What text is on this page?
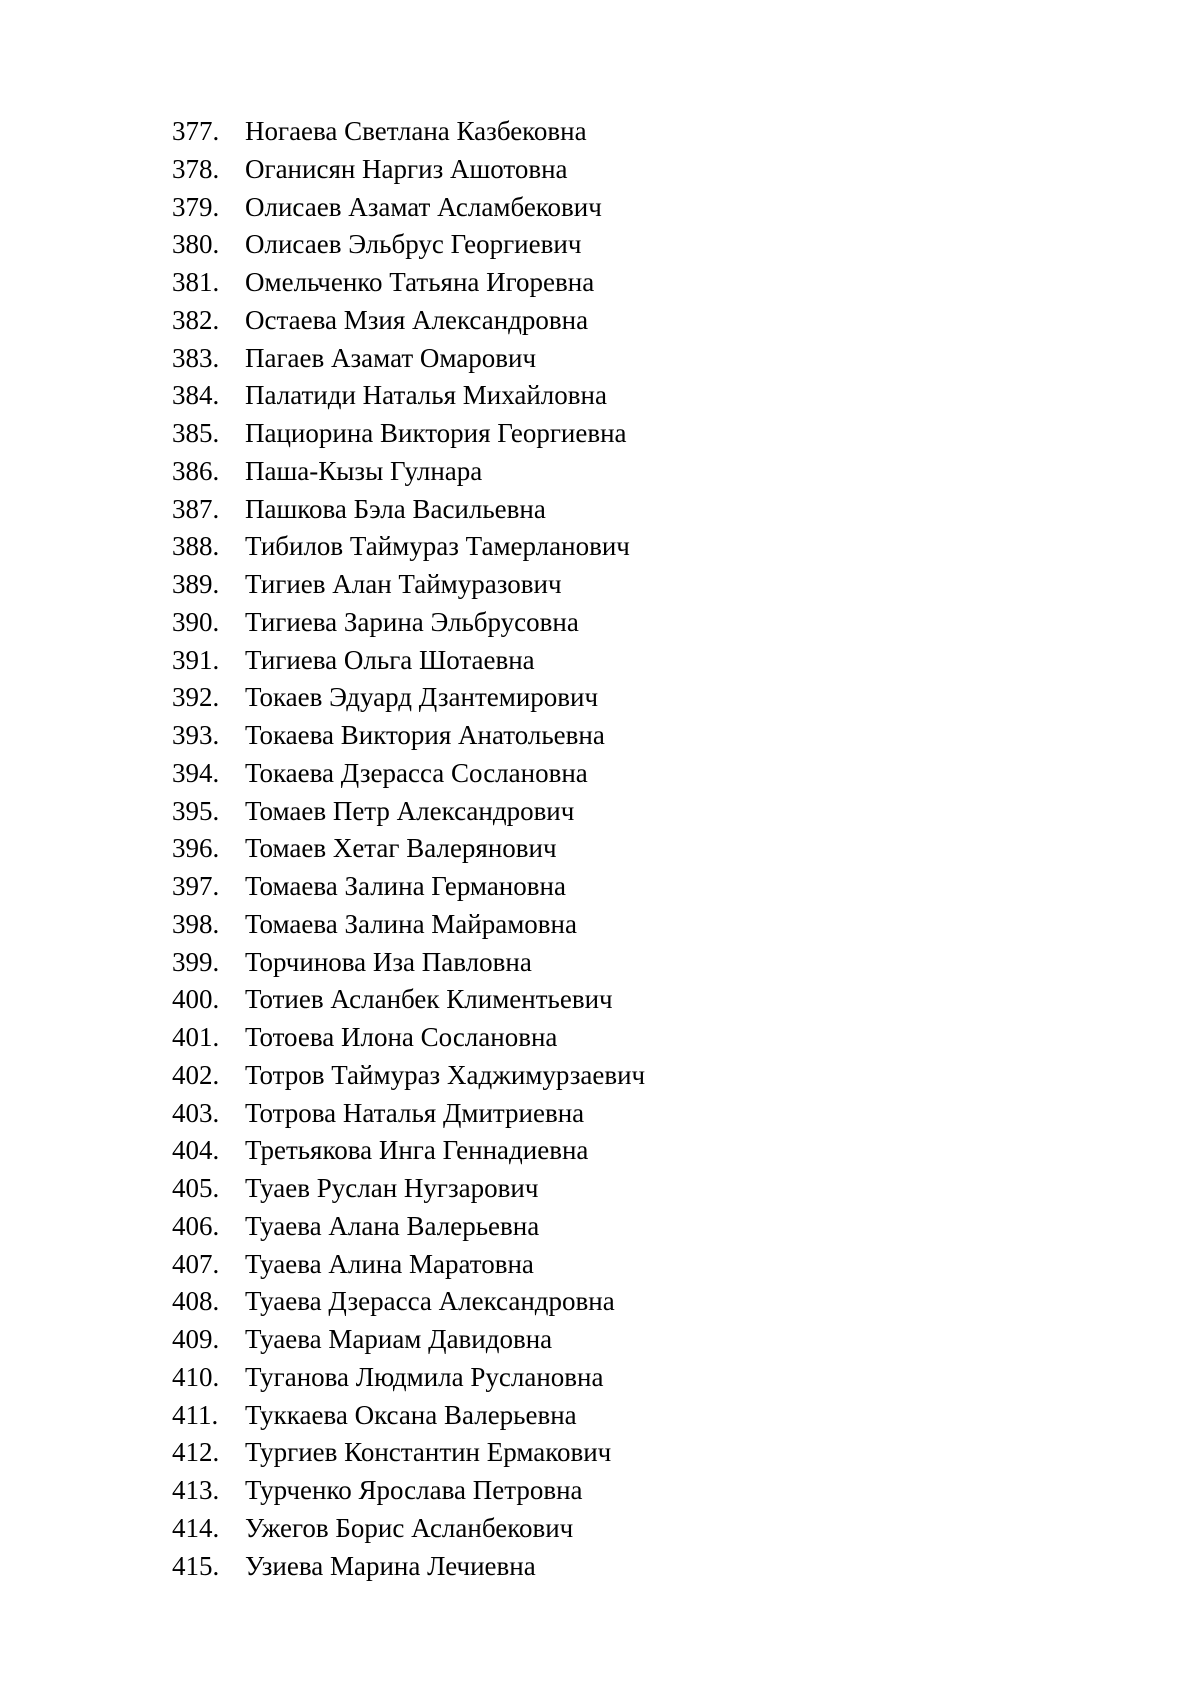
377. Ногаева Светлана Казбековна
378. Оганисян Наргиз Ашотовна
379. Олисаев Азамат Асламбекович
380. Олисаев Эльбрус Георгиевич
381. Омельченко Татьяна Игоревна
382. Остаева Мзия Александровна
383. Пагаев Азамат Омарович
384. Палатиди Наталья Михайловна
385. Пациорина Виктория Георгиевна
386. Паша-Кызы Гулнара
387. Пашкова Бэла Васильевна
388. Тибилов Таймураз Тамерланович
389. Тигиев Алан Таймуразович
390. Тигиева Зарина Эльбрусовна
391. Тигиева Ольга Шотаевна
392. Токаев Эдуард Дзантемирович
393. Токаева Виктория Анатольевна
394. Токаева Дзерасса Сослановна
395. Томаев Петр Александрович
396. Томаев Хетаг Валерянович
397. Томаева Залина Германовна
398. Томаева Залина Майрамовна
399. Торчинова Иза Павловна
400. Тотиев Асланбек Климентьевич
401. Тотоева Илона Сослановна
402. Тотров Таймураз Хаджимурзаевич
403. Тотрова Наталья Дмитриевна
404. Третьякова Инга Геннадиевна
405. Туаев Руслан Нугзарович
406. Туаева Алана Валерьевна
407. Туаева Алина Маратовна
408. Туаева Дзерасса Александровна
409. Туаева Мариам Давидовна
410. Туганова Людмила Руслановна
411. Туккаева Оксана Валерьевна
412. Тургиев Константин Ермакович
413. Турченко Ярослава Петровна
414. Ужегов Борис Асланбекович
415. Узиева Марина Лечиевна
